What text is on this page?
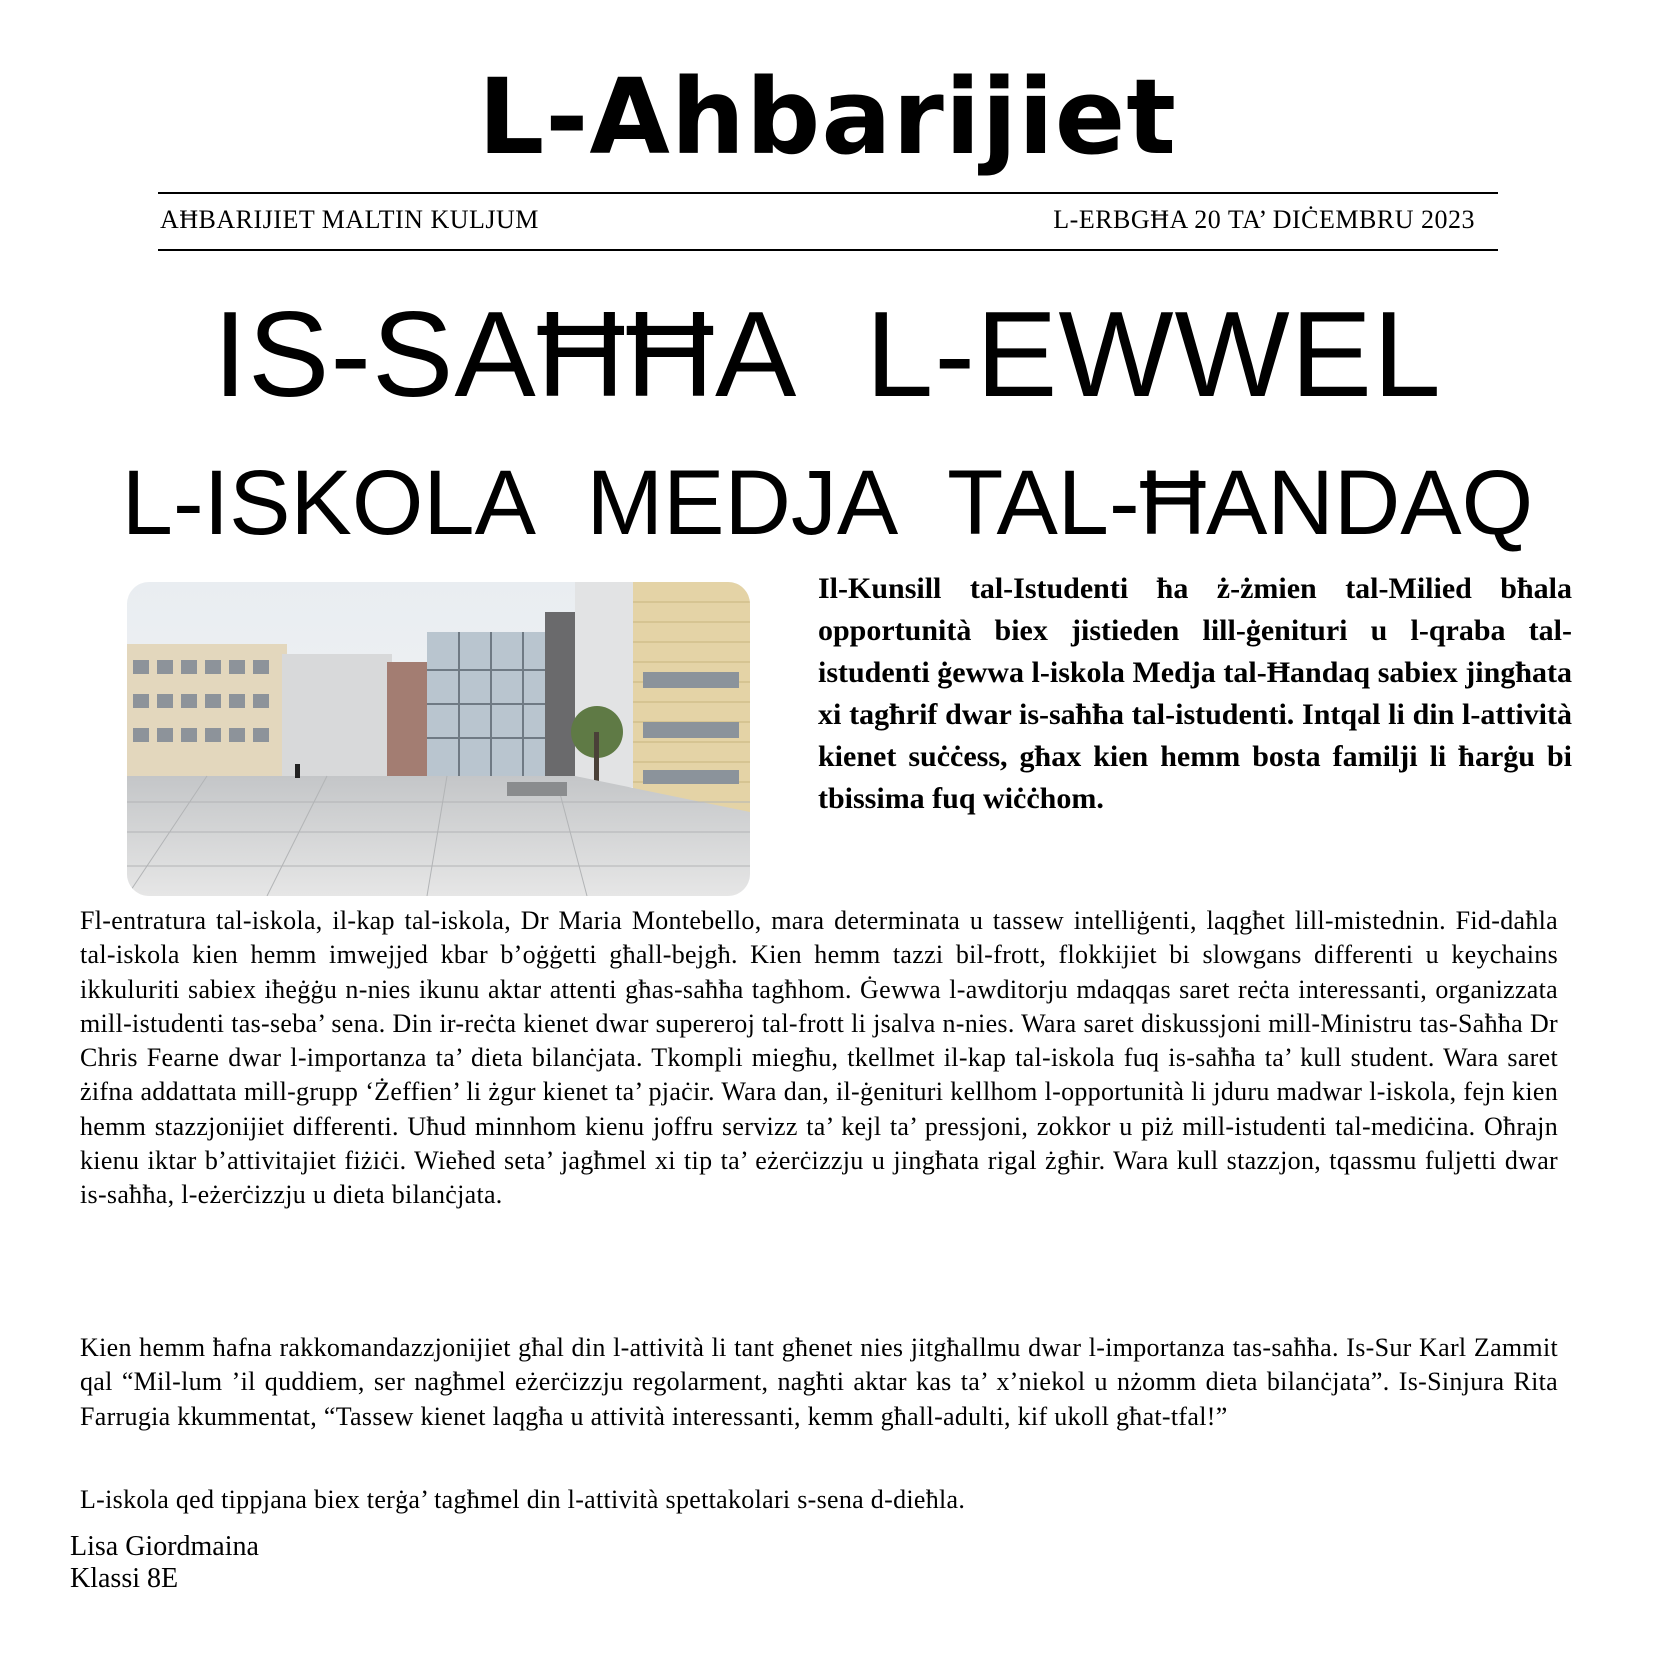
L-Ahbarijiet
AĦBARIJIET MALTIN KULJUM	L-ERBGĦA 20 TA’ DIĊEMBRU 2023
IS-SAĦĦA L-EWWEL
L-ISKOLA MEDJA TAL-ĦANDAQ
Il-Kunsill tal-Istudenti ħa ż-żmien tal-Milied bħala opportunità biex jistieden lill-ġenituri u l-qraba tal-istudenti ġewwa l-iskola Medja tal-Ħandaq sabiex jingħata xi tagħrif dwar is-saħħa tal-istudenti. Intqal li din l-attività kienet suċċess, għax kien hemm bosta familji li ħarġu bi tbissima fuq wiċċhom.
Fl-entratura tal-iskola, il-kap tal-iskola, Dr Maria Montebello, mara determinata u tassew intelliġenti, laqgħet lill-mistednin. Fid-daħla tal-iskola kien hemm imwejjed kbar b’oġġetti għall-bejgħ. Kien hemm tazzi bil-frott, flokkijiet bi slowgans differenti u keychains ikkuluriti sabiex iħeġġu n-nies ikunu aktar attenti għas-saħħa tagħhom. Ġewwa l-awditorju mdaqqas saret reċta interessanti, organizzata mill-istudenti tas-seba’ sena. Din ir-reċta kienet dwar supereroj tal-frott li jsalva n-nies. Wara saret diskussjoni mill-Ministru tas-Saħħa Dr Chris Fearne dwar l-importanza ta’ dieta bilanċjata. Tkompli miegħu, tkellmet il-kap tal-iskola fuq is-saħħa ta’ kull student. Wara saret żifna addattata mill-grupp ‘Żeffien’ li żgur kienet ta’ pjaċir. Wara dan, il-ġenituri kellhom l-opportunità li jduru madwar l-iskola, fejn kien hemm stazzjonijiet differenti. Uħud minnhom kienu joffru servizz ta’ kejl ta’ pressjoni, zokkor u piż mill-istudenti tal-mediċina. Oħrajn kienu iktar b’attivitajiet fiżiċi. Wieħed seta’ jagħmel xi tip ta’ eżerċizzju u jingħata rigal żgħir. Wara kull stazzjon, tqassmu fuljetti dwar is-saħħa, l-eżerċizzju u dieta bilanċjata.
Kien hemm ħafna rakkomandazzjonijiet għal din l-attività li tant għenet nies jitgħallmu dwar l-importanza tas-saħħa. Is-Sur Karl Zammit qal “Mil-lum ’il quddiem, ser nagħmel eżerċizzju regolarment, nagħti aktar kas ta’ x’niekol u nżomm dieta bilanċjata”. Is-Sinjura Rita Farrugia kkummentat, “Tassew kienet laqgħa u attività interessanti, kemm għall-adulti, kif ukoll għat-tfal!”
L-iskola qed tippjana biex terġa’ tagħmel din l-attività spettakolari s-sena d-dieħla.
Lisa Giordmaina
Klassi 8E
